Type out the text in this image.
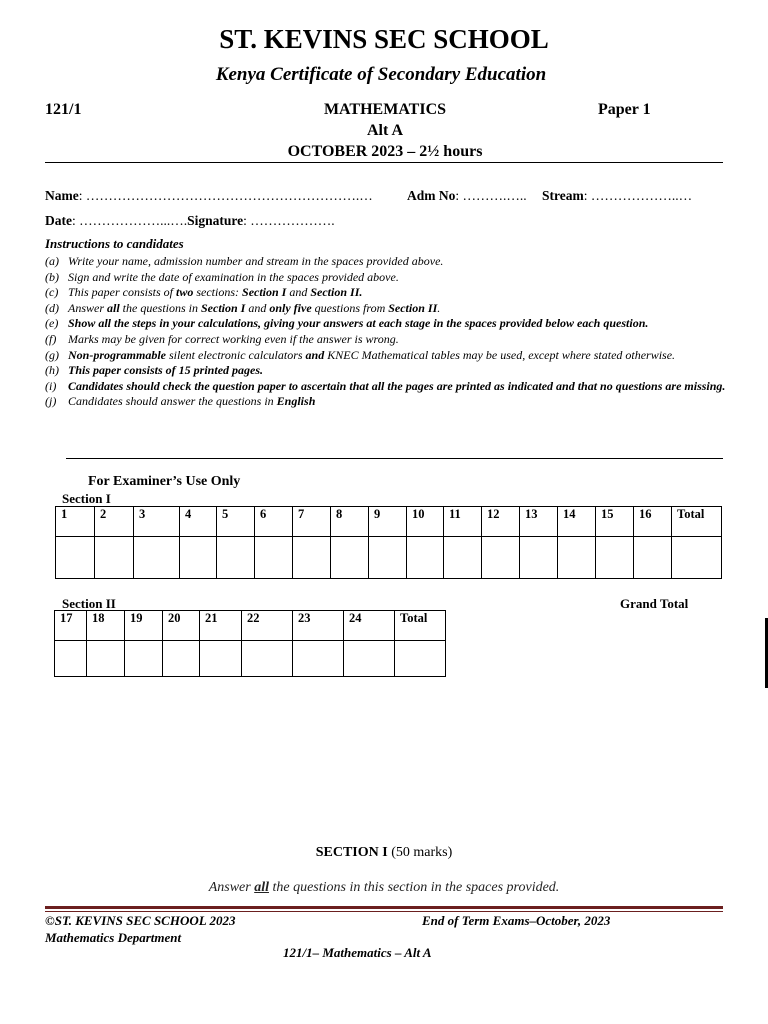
ST. KEVINS SEC SCHOOL
Kenya Certificate of Secondary Education
121/1	MATHEMATICS	Paper 1
Alt A
OCTOBER 2023 – 2½ hours
Name: …………………………………………………….…	Adm No: ……….….. Stream: ………………..…
Date: ………………...….Signature: ……………….
Instructions to candidates
(a) Write your name, admission number and stream in the spaces provided above.
(b) Sign and write the date of examination in the spaces provided above.
(c) This paper consists of two sections: Section I and Section II.
(d) Answer all the questions in Section I and only five questions from Section II.
(e) Show all the steps in your calculations, giving your answers at each stage in the spaces provided below each question.
(f) Marks may be given for correct working even if the answer is wrong.
(g) Non-programmable silent electronic calculators and KNEC Mathematical tables may be used, except where stated otherwise.
(h) This paper consists of 15 printed pages.
(i) Candidates should check the question paper to ascertain that all the pages are printed as indicated and that no questions are missing.
(j) Candidates should answer the questions in English
For Examiner’s Use Only
Section I
1	2	3	4	5	6	7	8	9	10	11	12	13	14	15	16	Total

Section II	Grand Total
17	18	19	20	21	22	23	24	Total

SECTION I (50 marks)
Answer all the questions in this section in the spaces provided.
©ST. KEVINS SEC SCHOOL 2023
Mathematics Department
End of Term Exams–October, 2023
121/1– Mathematics – Alt A
